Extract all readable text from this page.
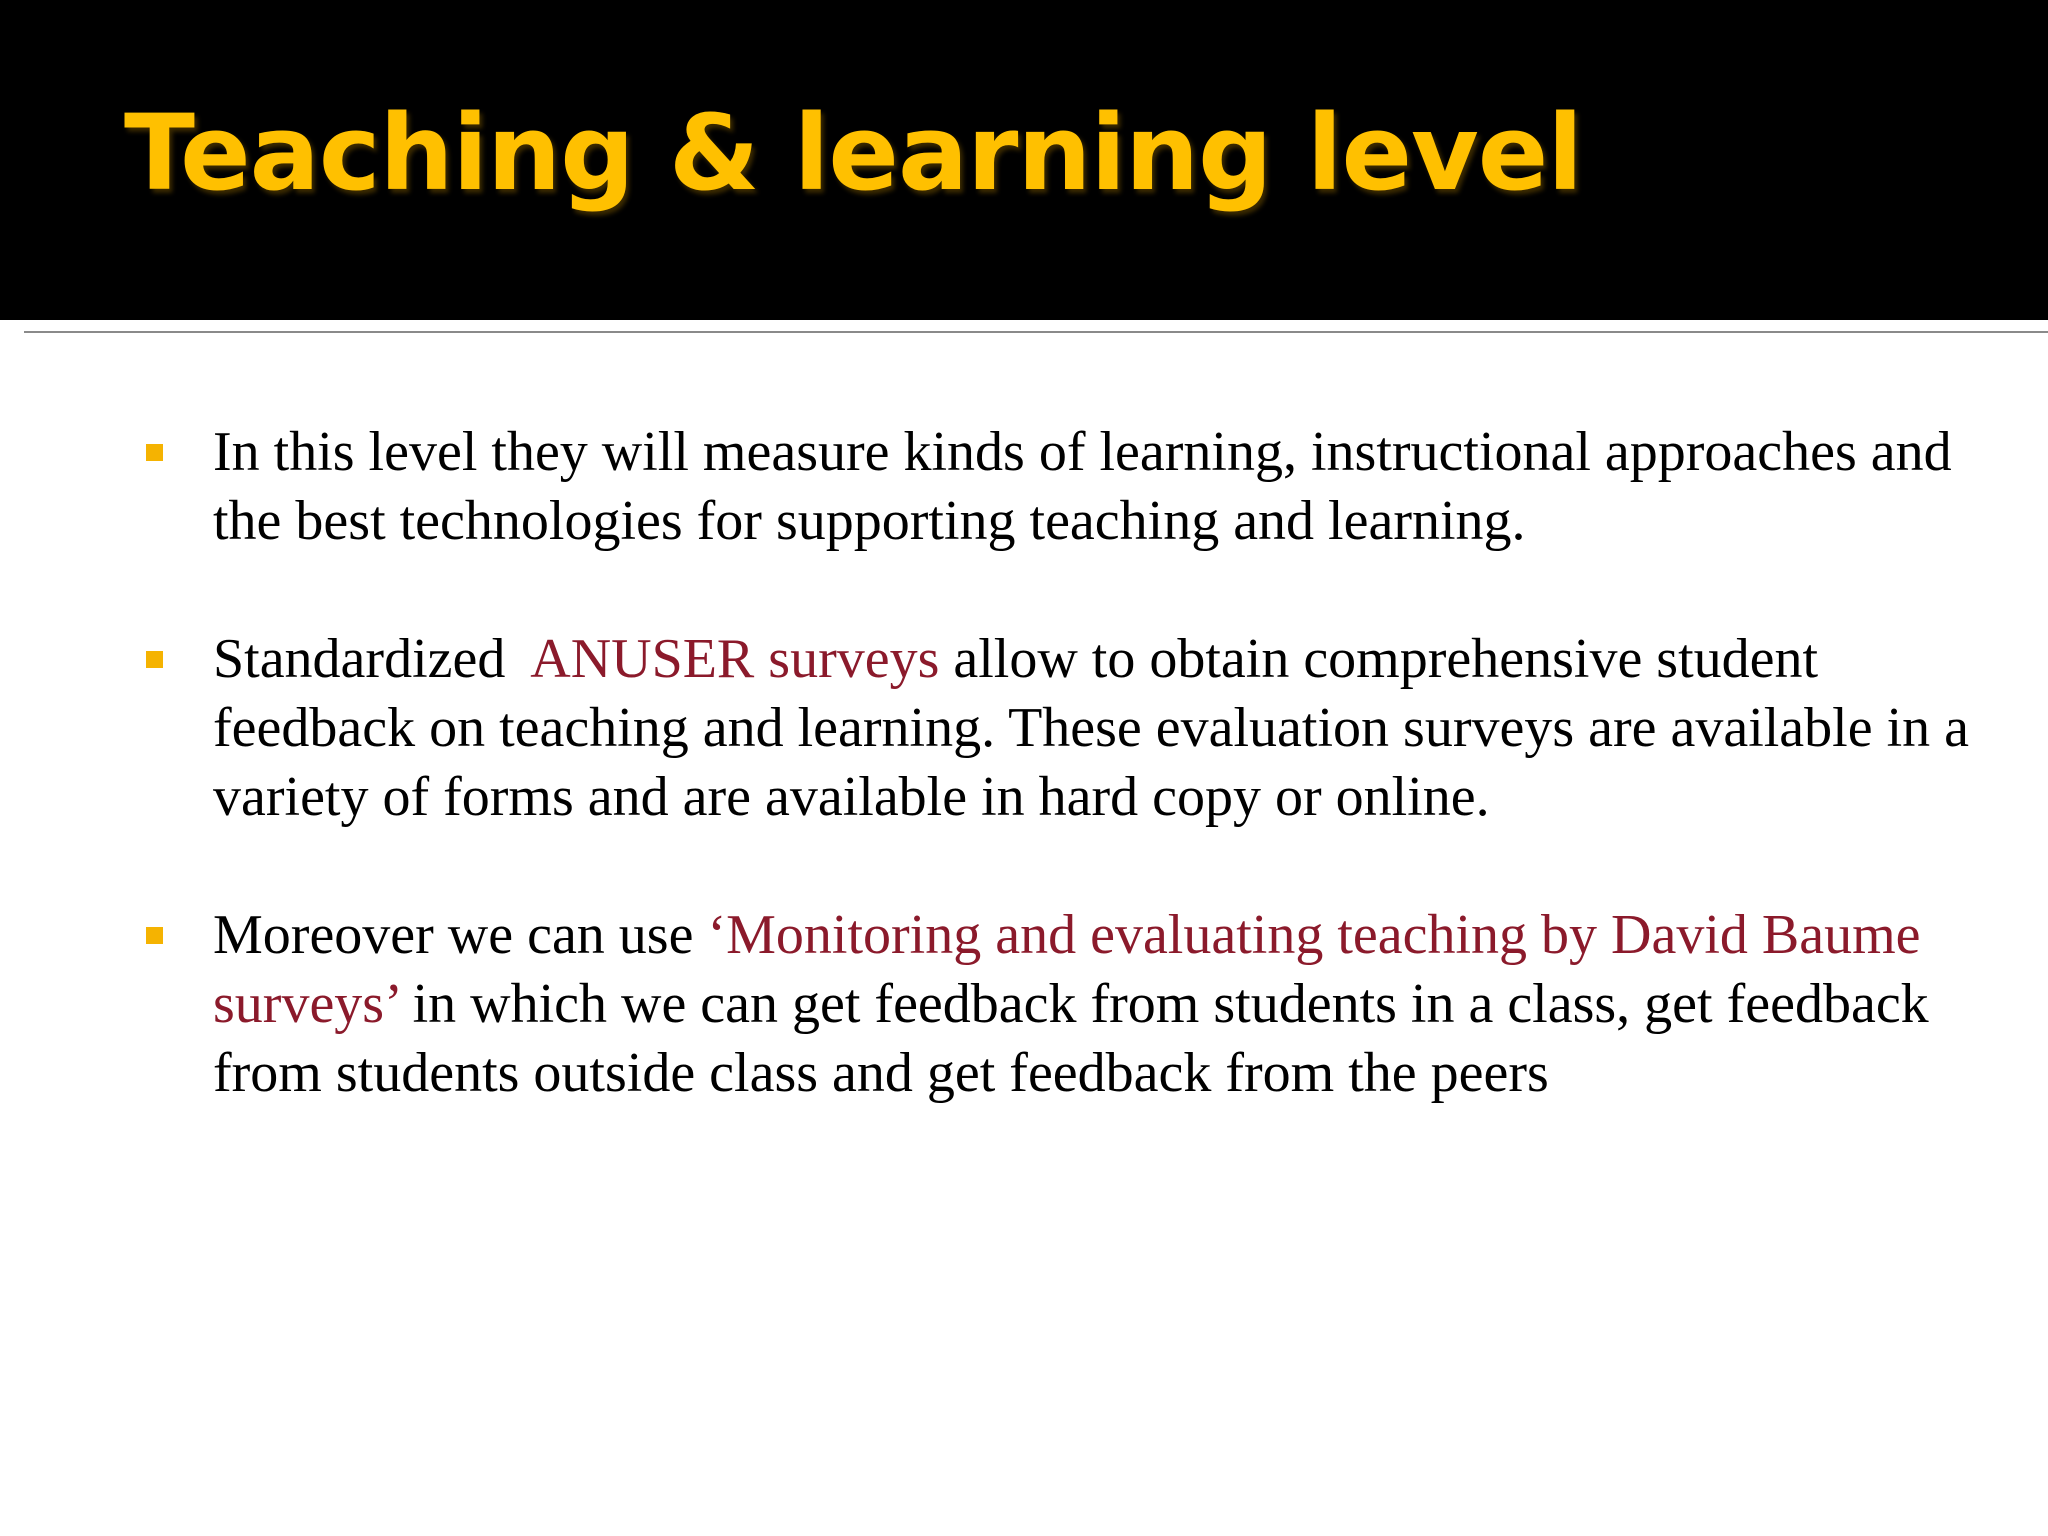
Teaching & learning level

In this level they will measure kinds of learning, instructional approaches and the best technologies for supporting teaching and learning.

Standardized  ANUSER surveys allow to obtain comprehensive student feedback on teaching and learning. These evaluation surveys are available in a variety of forms and are available in hard copy or online.

Moreover we can use ‘Monitoring and evaluating teaching by David Baume surveys’ in which we can get feedback from students in a class, get feedback from students outside class and get feedback from the peers
